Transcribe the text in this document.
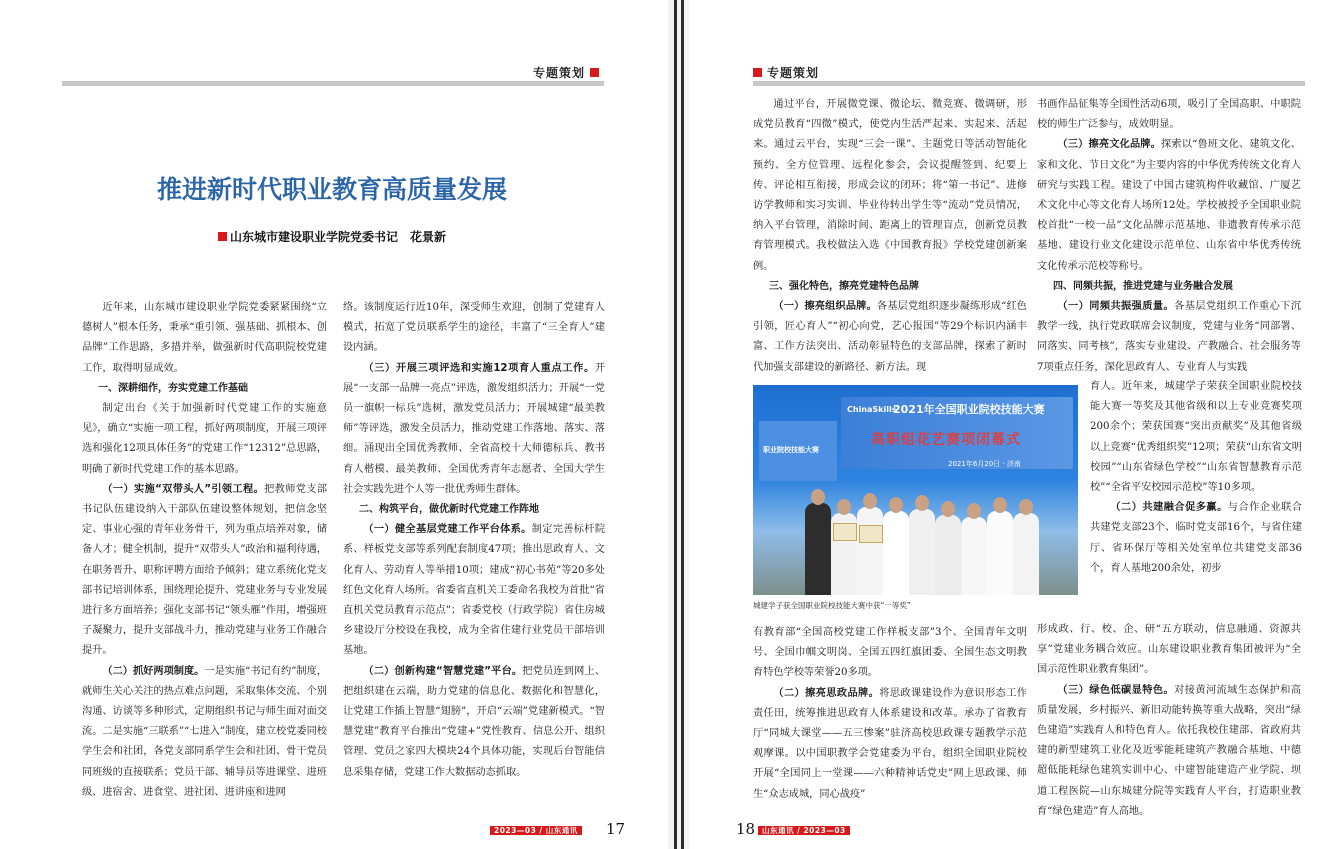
专题策划
推进新时代职业教育高质量发展
山东城市建设职业学院党委书记　花景新

近年来，山东城市建设职业学院党委紧紧围绕“立德树人”根本任务，秉承“重引领、强基础、抓根本、创品牌”工作思路，多措并举，做强新时代高职院校党建工作，取得明显成效。

一、深耕细作，夯实党建工作基础

制定出台《关于加强新时代党建工作的实施意见》，确立“实施一项工程，抓好两项制度，开展三项评选和强化12项具体任务”的党建工作“12312”总思路，明确了新时代党建工作的基本思路。

（一）实施“双带头人”引领工程。把教师党支部书记队伍建设纳入干部队伍建设整体规划，把信念坚定、事业心强的青年业务骨干，列为重点培养对象，储备人才；健全机制，提升“双带头人”政治和福利待遇，在职务晋升、职称评聘方面给予倾斜；建立系统化党支部书记培训体系，围绕理论提升、党建业务与专业发展进行多方面培养；强化支部书记“领头雁”作用，增强班子凝聚力，提升支部战斗力，推动党建与业务工作融合提升。

（二）抓好两项制度。一是实施“书记有约”制度，就师生关心关注的热点难点问题，采取集体交流、个别沟通、访谈等多种形式，定期组织书记与师生面对面交流。二是实施“三联系”“七进入”制度，建立校党委同校学生会和社团，各党支部同系学生会和社团、骨干党员同班级的直接联系；党员干部、辅导员等进课堂、进班级、进宿舍、进食堂、进社团、进讲座和进网

络。该制度运行近10年，深受师生欢迎，创制了党建育人模式，拓宽了党员联系学生的途径，丰富了“三全育人”建设内涵。

（三）开展三项评选和实施12项育人重点工作。开展“一支部一品牌一亮点”评选，激发组织活力；开展“一党员一旗帜一标兵”选树，激发党员活力；开展城建“最美教师”等评选，激发全员活力，推动党建工作落地、落实、落细。涌现出全国优秀教师、全省高校十大师德标兵、教书育人楷模、最美教师、全国优秀青年志愿者、全国大学生社会实践先进个人等一批优秀师生群体。

二、构筑平台，做优新时代党建工作阵地

（一）健全基层党建工作平台体系。制定完善标杆院系、样板党支部等系列配套制度47项；推出思政育人、文化育人、劳动育人等举措10项；建成“初心书苑”等20多处红色文化育人场所。省委省直机关工委命名我校为首批“省直机关党员教育示范点”；省委党校（行政学院）省住房城乡建设厅分校设在我校，成为全省住建行业党员干部培训基地。

（二）创新构建“智慧党建”平台。把党员连到网上、把组织建在云端，助力党建的信息化、数据化和智慧化，让党建工作插上智慧“翅膀”，开启“云端”党建新模式。“智慧党建”教育平台推出“党建+”党性教育、信息公开、组织管理、党员之家四大模块24个具体功能，实现后台智能信息采集存储，党建工作大数据动态抓取。

2023—03 / 山东通讯 17
专题策划

通过平台，开展微党课、微论坛、微竞赛、微调研，形成党员教育“四微”模式，使党内生活严起来、实起来、活起来。通过云平台，实现“三会一课”、主题党日等活动智能化预约、全方位管理、远程化参会，会议提醒签到、纪要上传、评论相互衔接，形成会议的闭环；将“第一书记”、进修访学教师和实习实训、毕业待转出学生等“流动”党员情况，纳入平台管理，消除时间、距离上的管理盲点，创新党员教育管理模式。我校做法入选《中国教育报》学校党建创新案例。

三、强化特色，擦亮党建特色品牌

（一）擦亮组织品牌。各基层党组织逐步凝练形成“红色引领，匠心育人”“初心向党，艺心报国”等29个标识内涵丰富、工作方法突出、活动彰显特色的支部品牌，探索了新时代加强支部建设的新路径、新方法。现

职业院校技能大赛
ChinaSkills
2021年全国职业院校技能大赛
高职组花艺赛项闭幕式
2021年6月20日 · 济南
城建学子获全国职业院校技能大赛中获“一等奖”

有教育部“全国高校党建工作样板支部”3个、全国青年文明号、全国巾帼文明岗、全国五四红旗团委、全国生态文明教育特色学校等荣誉20多项。

（二）擦亮思政品牌。将思政课建设作为意识形态工作责任田，统筹推进思政育人体系建设和改革。承办了省教育厅“同城大课堂——五三惨案”驻济高校思政课专题教学示范观摩课。以中国职教学会党建委为平台，组织全国职业院校开展“全国同上一堂课——六种精神话党史”网上思政课、师生“众志成城，同心战疫”

书画作品征集等全国性活动6项，吸引了全国高职、中职院校的师生广泛参与，成效明显。

（三）擦亮文化品牌。探索以“鲁班文化、建筑文化、家和文化、节日文化”为主要内容的中华优秀传统文化育人研究与实践工程。建设了中国古建筑构件收藏馆、广厦艺术文化中心等文化育人场所12处。学校被授予全国职业院校首批“一校一品”文化品牌示范基地、非遗教育传承示范基地、建设行业文化建设示范单位、山东省中华优秀传统文化传承示范校等称号。

四、同频共振，推进党建与业务融合发展

（一）同频共振强质量。各基层党组织工作重心下沉教学一线，执行党政联席会议制度，党建与业务“同部署、同落实、同考核”，落实专业建设、产教融合、社会服务等7项重点任务，深化思政育人、专业育人与实践

育人。近年来，城建学子荣获全国职业院校技能大赛一等奖及其他省级和以上专业竞赛奖项200余个；荣获国赛“突出贡献奖”及其他省级以上竞赛“优秀组织奖”12项；荣获“山东省文明校园”“山东省绿色学校”“山东省智慧教育示范校”“全省平安校园示范校”等10多项。

（二）共建融合促多赢。与合作企业联合共建党支部23个、临时党支部16个，与省住建厅、省环保厅等相关处室单位共建党支部36个，育人基地200余处，初步

形成政、行、校、企、研“五方联动，信息融通、资源共享”党建业务耦合效应。山东建设职业教育集团被评为“全国示范性职业教育集团”。

（三）绿色低碳显特色。对接黄河流域生态保护和高质量发展，乡村振兴、新旧动能转换等重大战略，突出“绿色建造”实践育人和特色育人。依托我校住建部、省政府共建的新型建筑工业化及近零能耗建筑产教融合基地、中德超低能耗绿色建筑实训中心、中建智能建造产业学院、坝道工程医院—山东城建分院等实践育人平台，打造职业教育“绿色建造”育人高地。

18 山东通讯 / 2023—03
